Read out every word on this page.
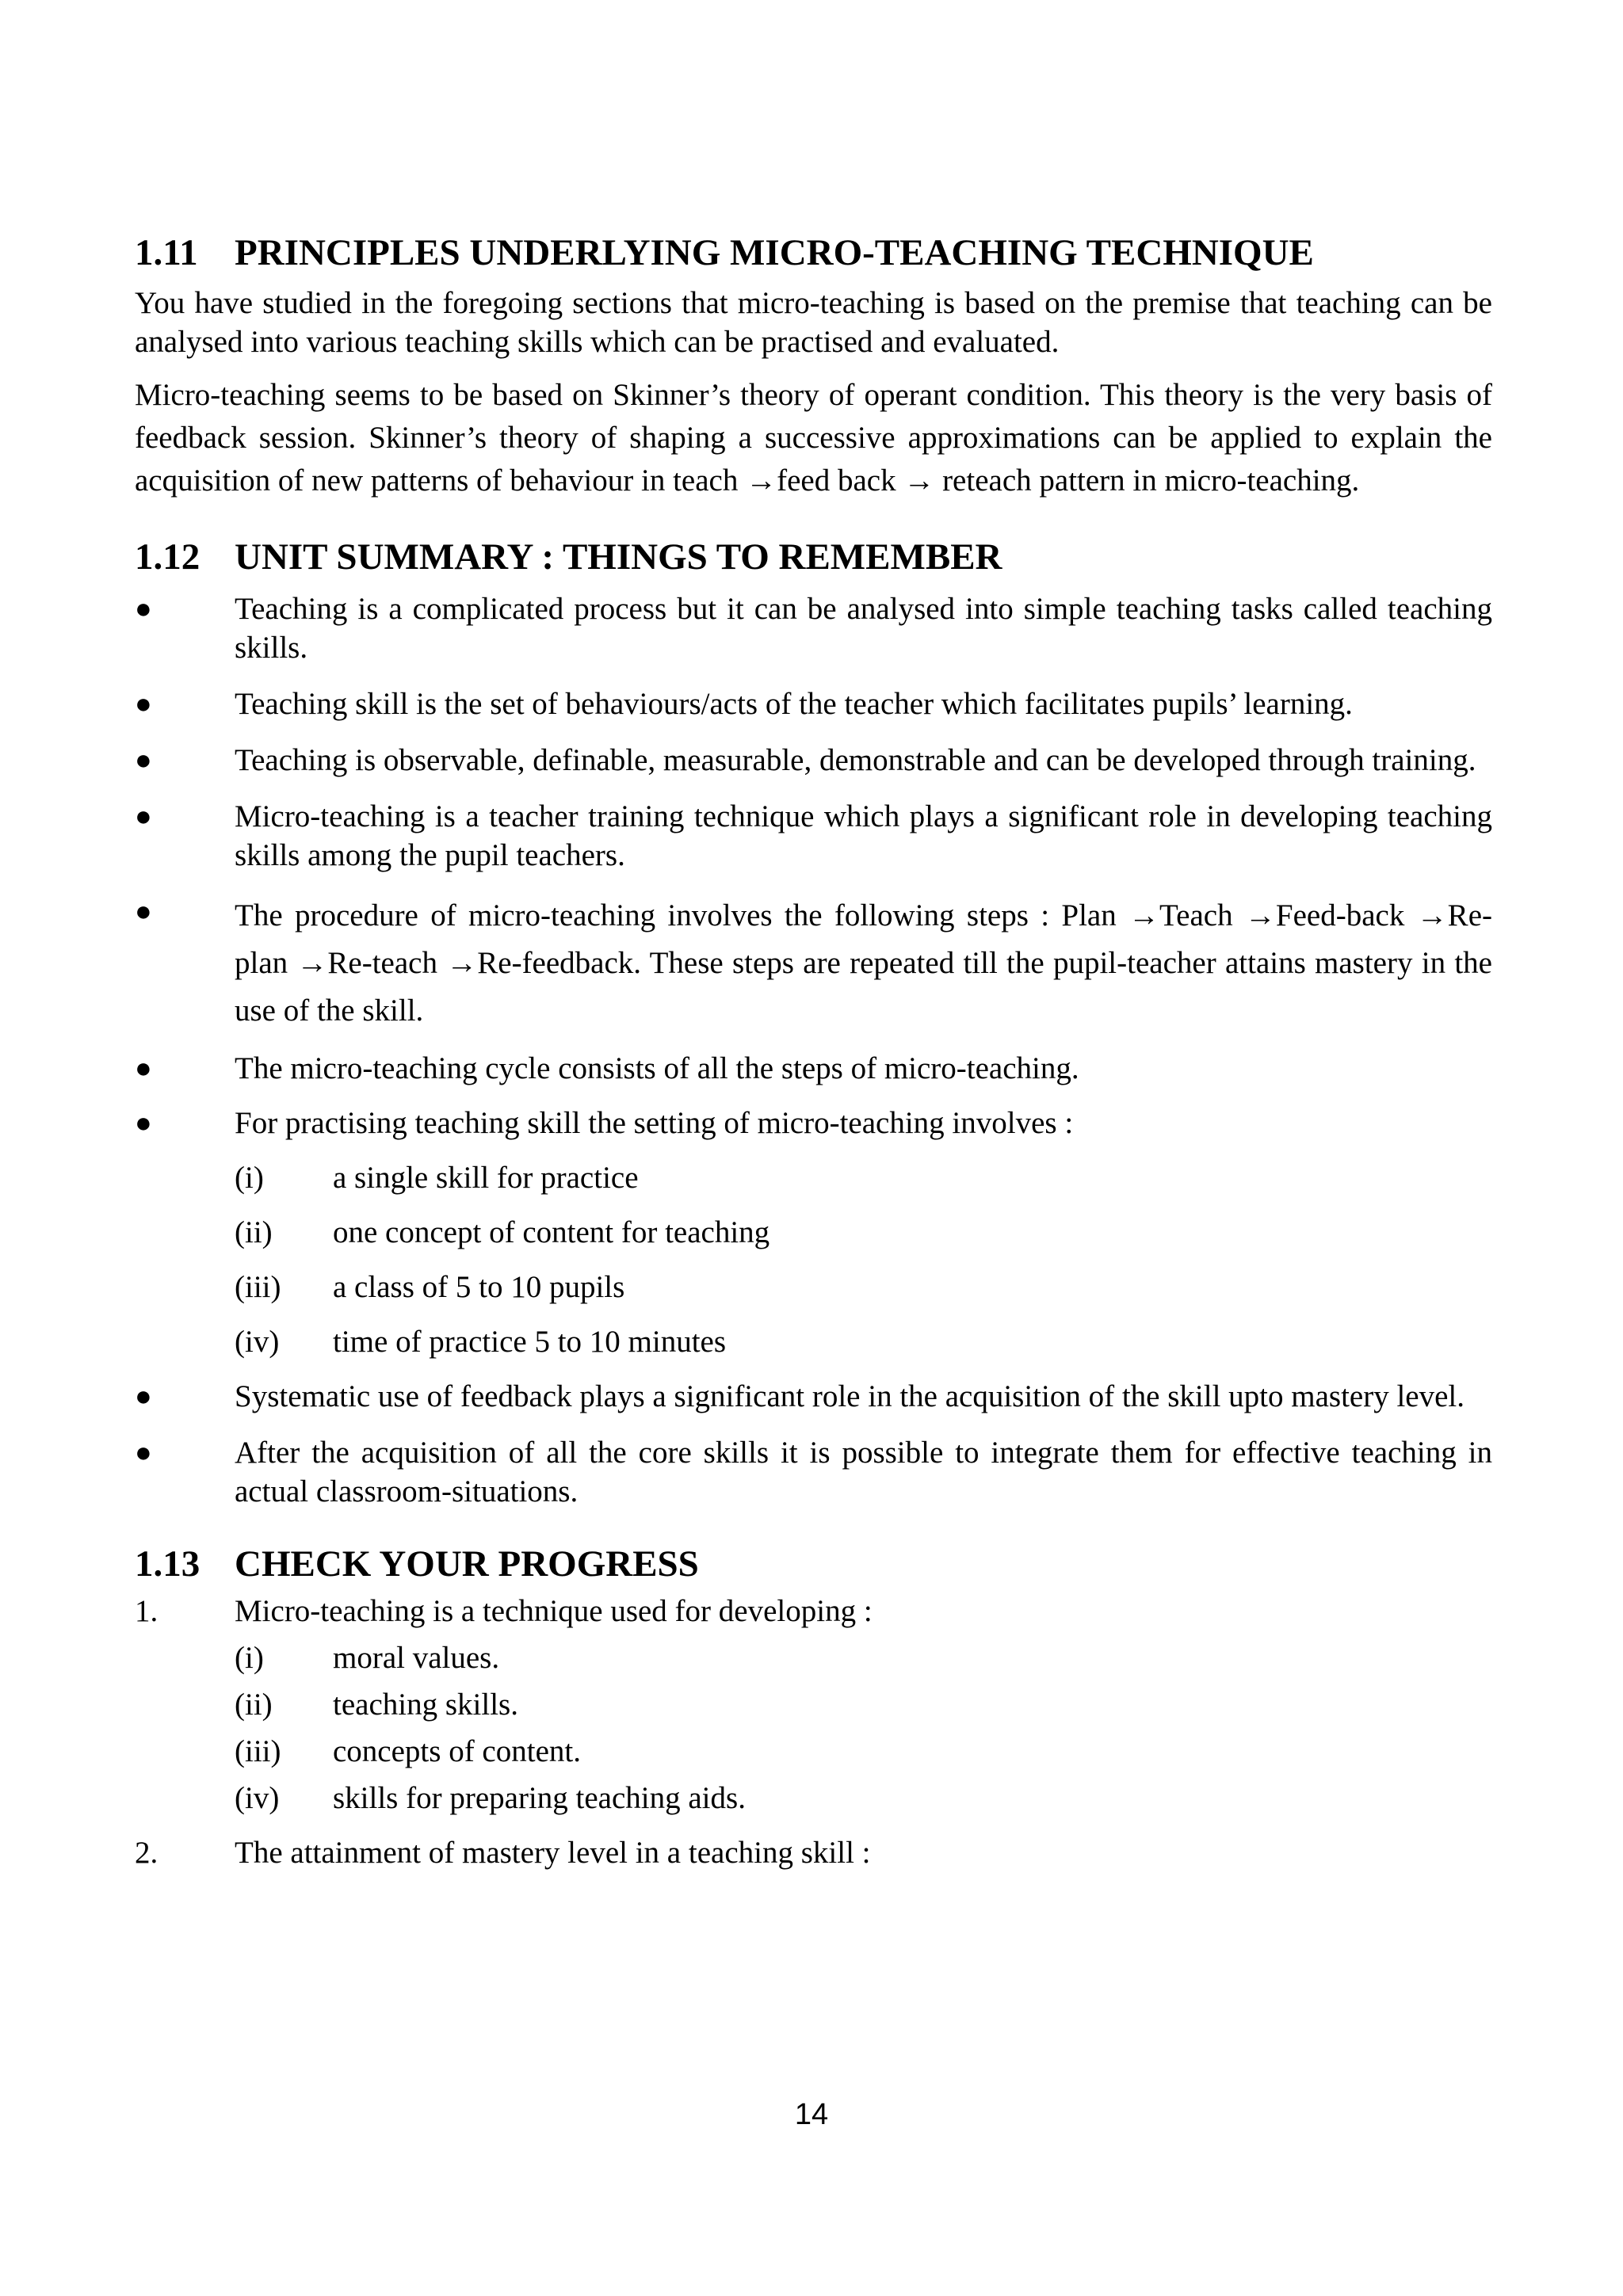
1.11 PRINCIPLES UNDERLYING MICRO-TEACHING TECHNIQUE

You have studied in the foregoing sections that micro-teaching is based on the premise that teaching can be analysed into various teaching skills which can be practised and evaluated.

Micro-teaching seems to be based on Skinner’s theory of operant condition. This theory is the very basis of feedback session. Skinner’s theory of shaping a successive approximations can be applied to explain the acquisition of new patterns of behaviour in teach →feed back → reteach pattern in micro-teaching.

1.12 UNIT SUMMARY : THINGS TO REMEMBER
●	Teaching is a complicated process but it can be analysed into simple teaching tasks called teaching skills.
●	Teaching skill is the set of behaviours/acts of the teacher which facilitates pupils’ learning.
●	Teaching is observable, definable, measurable, demonstrable and can be developed through training.
●	Micro-teaching is a teacher training technique which plays a significant role in developing teaching skills among the pupil teachers.
●	The procedure of micro-teaching involves the following steps : Plan →Teach →Feed-back →Re-plan →Re-teach →Re-feedback. These steps are repeated till the pupil-teacher attains mastery in the use of the skill.
●	The micro-teaching cycle consists of all the steps of micro-teaching.
●	For practising teaching skill the setting of micro-teaching involves :
(i)	a single skill for practice
(ii)	one concept of content for teaching
(iii)	a class of 5 to 10 pupils
(iv)	time of practice 5 to 10 minutes
●	Systematic use of feedback plays a significant role in the acquisition of the skill upto mastery level.
●	After the acquisition of all the core skills it is possible to integrate them for effective teaching in actual classroom-situations.
1.13 CHECK YOUR PROGRESS
1.	Micro-teaching is a technique used for developing :
(i)	moral values.
(ii)	teaching skills.
(iii)	concepts of content.
(iv)	skills for preparing teaching aids.
2.	The attainment of mastery level in a teaching skill :
14
